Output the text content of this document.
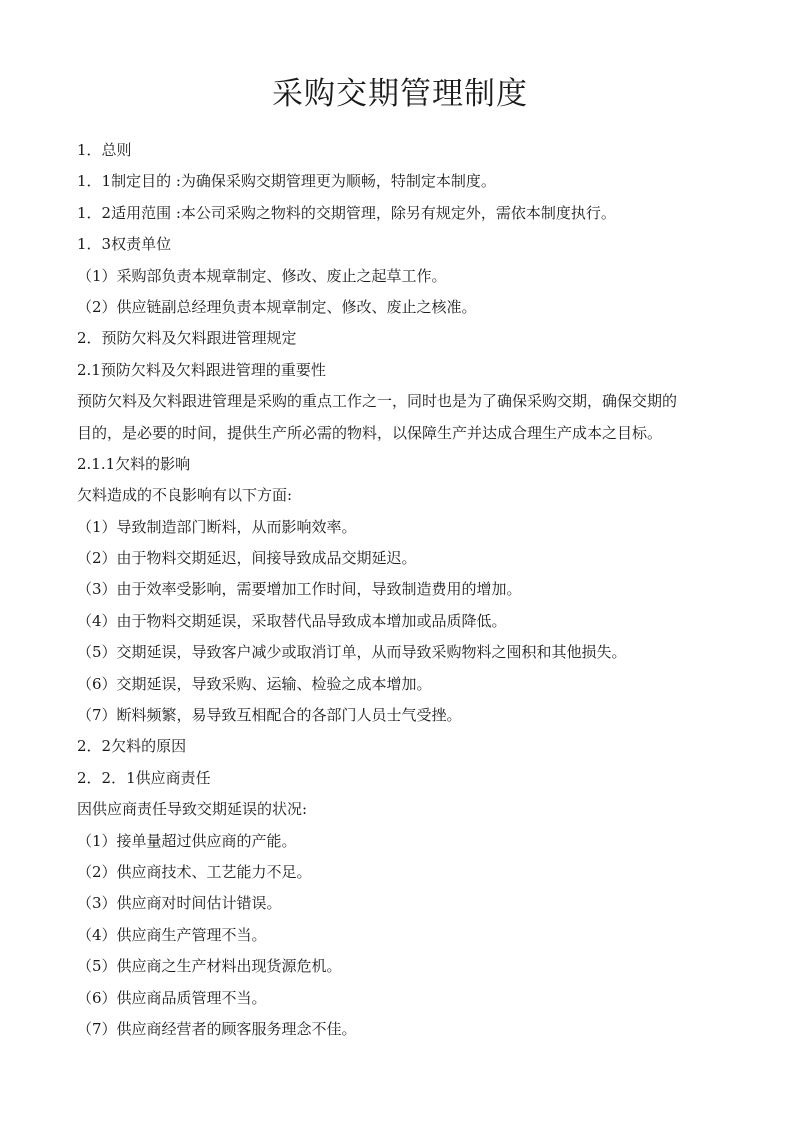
采购交期管理制度
1．总则
1．1制定目的 :为确保采购交期管理更为顺畅，特制定本制度。
1．2适用范围 :本公司采购之物料的交期管理，除另有规定外，需依本制度执行。
1．3权责单位
（1）采购部负责本规章制定、修改、废止之起草工作。
（2）供应链副总经理负责本规章制定、修改、废止之核准。
2．预防欠料及欠料跟进管理规定
2.1预防欠料及欠料跟进管理的重要性
预防欠料及欠料跟进管理是采购的重点工作之一，同时也是为了确保采购交期，确保交期的
目的，是必要的时间，提供生产所必需的物料，以保障生产并达成合理生产成本之目标。
2.1.1欠料的影响
欠料造成的不良影响有以下方面:
（1）导致制造部门断料，从而影响效率。
（2）由于物料交期延迟，间接导致成品交期延迟。
（3）由于效率受影响，需要增加工作时间，导致制造费用的增加。
（4）由于物料交期延误，采取替代品导致成本增加或品质降低。
（5）交期延误，导致客户减少或取消订单，从而导致采购物料之囤积和其他损失。
（6）交期延误，导致采购、运输、检验之成本增加。
（7）断料频繁，易导致互相配合的各部门人员士气受挫。
2．2欠料的原因
2．2．1供应商责任
因供应商责任导致交期延误的状况:
（1）接单量超过供应商的产能。
（2）供应商技术、工艺能力不足。
（3）供应商对时间估计错误。
（4）供应商生产管理不当。
（5）供应商之生产材料出现货源危机。
（6）供应商品质管理不当。
（7）供应商经营者的顾客服务理念不佳。
